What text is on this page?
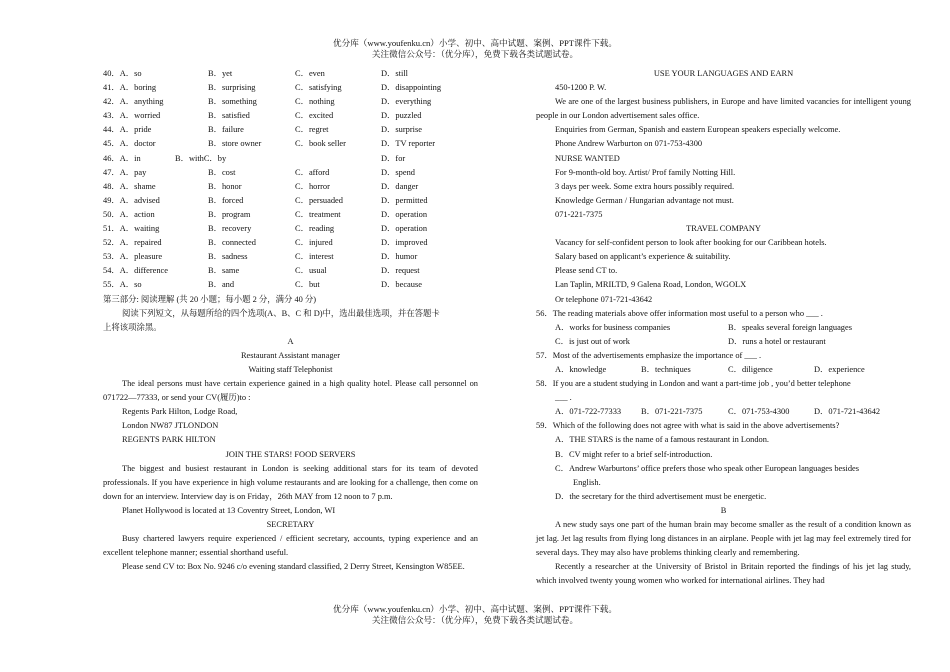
优分库（www.youfenku.cn）小学、初中、高中试题、案例、PPT课件下载。
关注微信公众号：（优分库），免费下载各类试题试卷。
40．A．so	B．yet	C．even	D．still
41．A．boring	B．surprising	C．satisfying	D．disappointing
42．A．anything	B．something	C．nothing	D．everything
43．A．worried	B．satisfied	C．excited	D．puzzled
44．A．pride	B．failure	C．regret	D．surprise
45．A．doctor	B．store owner	C．book seller	D．TV reporter
46．A．in	B．withC．by	D．for
47．A．pay	B．cost	C．afford	D．spend
48．A．shame	B．honor	C．horror	D．danger
49．A．advised	B．forced	C．persuaded	D．permitted
50．A．action	B．program	C．treatment	D．operation
51．A．waiting	B．recovery	C．reading	D．operation
52．A．repaired	B．connected	C．injured	D．improved
53．A．pleasure	B．sadness	C．interest	D．humor
54．A．difference	B．same	C．usual	D．request
55．A．so	B．and	C．but	D．because
第三部分: 阅读理解 (共 20 小题；每小题 2 分，满分 40 分)
阅读下列短文，从每题所给的四个选项(A、B、C 和 D)中，选出最佳选项，并在答题卡
上将该项涂黑。
A
Restaurant Assistant manager
Waiting staff Telephonist
The ideal persons must have certain experience gained in a high quality hotel. Please call personnel on 071722—77333, or send your CV(履历)to :
Regents Park Hilton, Lodge Road,
London NW87 JTLONDON
REGENTS PARK HILTON
JOIN THE STARS! FOOD SERVERS
The biggest and busiest restaurant in London is seeking additional stars for its team of devoted professionals. If you have experience in high volume restaurants and are looking for a challenge, then come on down for an interview. Interview day is on Friday，26th MAY from 12 noon to 7 p.m.
Planet Hollywood is located at 13 Coventry Street, London, WI
SECRETARY
Busy chartered lawyers require experienced / efficient secretary, accounts, typing experience and an excellent telephone manner; essential shorthand useful.
Please send CV to: Box No. 9246 c/o evening standard classified, 2 Derry Street, Kensington W85EE.
USE YOUR LANGUAGES AND EARN
450-1200 P. W.
We are one of the largest business publishers, in Europe and have limited vacancies for intelligent young people in our London advertisement sales office.
Enquiries from German, Spanish and eastern European speakers especially welcome.
Phone Andrew Warburton on 071-753-4300
NURSE WANTED
For 9-month-old boy. Artist/ Prof family Notting Hill.
3 days per week. Some extra hours possibly required.
Knowledge German / Hungarian advantage not must.
071-221-7375
TRAVEL COMPANY
Vacancy for self-confident person to look after booking for our Caribbean hotels.
Salary based on applicant’s experience & suitability.
Please send CT to.
Lan Taplin, MRILTD, 9 Galena Road, London, WGOLX
Or telephone 071-721-43642
56．The reading materials above offer information most useful to a person who ___ .
A．works for business companies	B．speaks several foreign languages
C．is just out of work	D．runs a hotel or restaurant
57．Most of the advertisements emphasize the importance of ___ .
A．knowledge	B．techniques	C．diligence	D．experience
58．If you are a student studying in London and want a part-time job , you’d better telephone
___ .
A．071-722-77333 B．071-221-7375	C．071-753-4300	D．071-721-43642
59．Which of the following does not agree with what is said in the above advertisements?
A．THE STARS is the name of a famous restaurant in London.
B．CV might refer to a brief self-introduction.
C．Andrew Warburtons’ office prefers those who speak other European languages besides
English.
D．the secretary for the third advertisement must be energetic.
B
A new study says one part of the human brain may become smaller as the result of a condition known as jet lag. Jet lag results from flying long distances in an airplane. People with jet lag may feel extremely tired for several days. They may also have problems thinking clearly and remembering.
Recently a researcher at the University of Bristol in Britain reported the findings of his jet lag study, which involved twenty young women who worked for international airlines. They had
优分库（www.youfenku.cn）小学、初中、高中试题、案例、PPT课件下载。
关注微信公众号：（优分库），免费下载各类试题试卷。
